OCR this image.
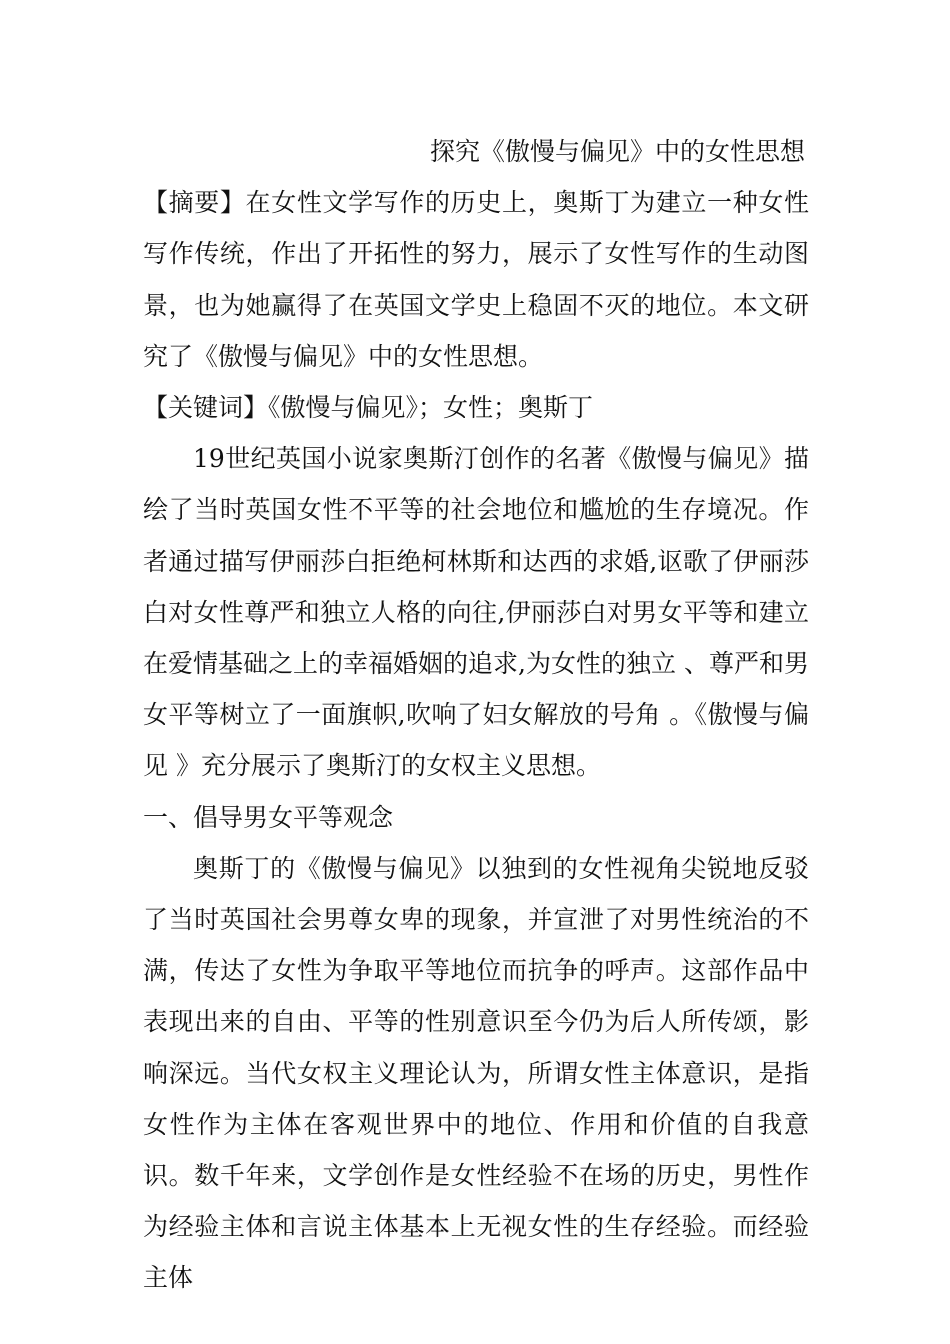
探究《傲慢与偏见》中的女性思想

【摘要】在女性文学写作的历史上，奥斯丁为建立一种女性写作传统，作出了开拓性的努力，展示了女性写作的生动图景，也为她赢得了在英国文学史上稳固不灭的地位。本文研究了《傲慢与偏见》中的女性思想。

【关键词】《傲慢与偏见》；女性；奥斯丁

19世纪英国小说家奥斯汀创作的名著《傲慢与偏见》描绘了当时英国女性不平等的社会地位和尴尬的生存境况。作者通过描写伊丽莎白拒绝柯林斯和达西的求婚,讴歌了伊丽莎白对女性尊严和独立人格的向往,伊丽莎白对男女平等和建立在爱情基础之上的幸福婚姻的追求,为女性的独立 、尊严和男女平等树立了一面旗帜,吹响了妇女解放的号角 。《傲慢与偏见 》充分展示了奥斯汀的女权主义思想。

一、倡导男女平等观念

奥斯丁的《傲慢与偏见》以独到的女性视角尖锐地反驳了当时英国社会男尊女卑的现象，并宣泄了对男性统治的不满，传达了女性为争取平等地位而抗争的呼声。这部作品中表现出来的自由、平等的性别意识至今仍为后人所传颂，影响深远。当代女权主义理论认为，所谓女性主体意识，是指女性作为主体在客观世界中的地位、作用和价值的自我意识。数千年来，文学创作是女性经验不在场的历史，男性作为经验主体和言说主体基本上无视女性的生存经验。而经验主体
